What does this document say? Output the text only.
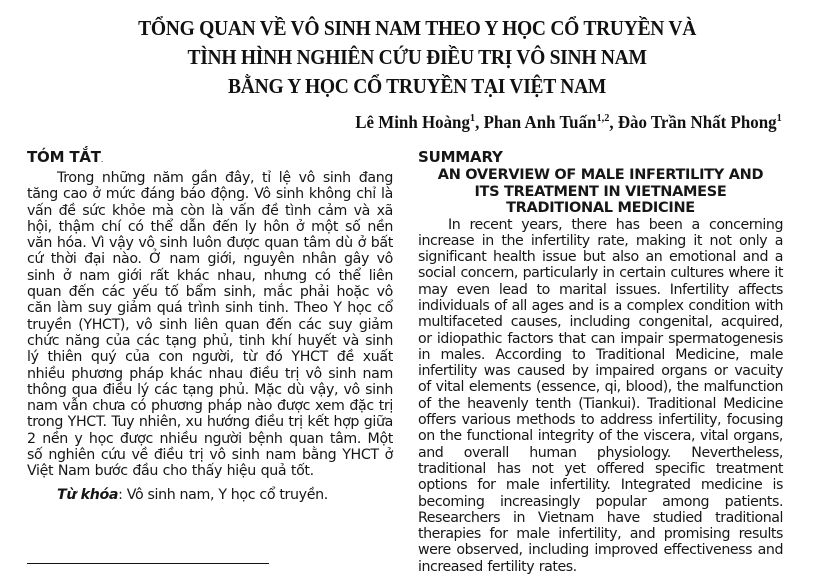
TỔNG QUAN VỀ VÔ SINH NAM THEO Y HỌC CỔ TRUYỀN VÀ
TÌNH HÌNH NGHIÊN CỨU ĐIỀU TRỊ VÔ SINH NAM
BẰNG Y HỌC CỔ TRUYỀN TẠI VIỆT NAM
Lê Minh Hoàng$^1$, Phan Anh Tuấn$^{1,2}$, Đào Trần Nhất Phong$^1$
TÓM TẮT.

Trong những năm gần đây, tỉ lệ vô sinh đang tăng cao ở mức đáng báo động. Vô sinh không chỉ là vấn đề sức khỏe mà còn là vấn đề tình cảm và xã hội, thậm chí có thể dẫn đến ly hôn ở một số nền văn hóa. Vì vậy vô sinh luôn được quan tâm dù ở bất cứ thời đại nào. Ở nam giới, nguyên nhân gây vô sinh ở nam giới rất khác nhau, nhưng có thể liên quan đến các yếu tố bẩm sinh, mắc phải hoặc vô căn làm suy giảm quá trình sinh tinh. Theo Y học cổ truyền (YHCT), vô sinh liên quan đến các suy giảm chức năng của các tạng phủ, tinh khí huyết và sinh lý thiên quý của con người, từ đó YHCT đề xuất nhiều phương pháp khác nhau điều trị vô sinh nam thông qua điều lý các tạng phủ. Mặc dù vậy, vô sinh nam vẫn chưa có phương pháp nào được xem đặc trị trong YHCT. Tuy nhiên, xu hướng điều trị kết hợp giữa 2 nền y học được nhiều người bệnh quan tâm. Một số nghiên cứu về điều trị vô sinh nam bằng YHCT ở Việt Nam bước đầu cho thấy hiệu quả tốt.

Từ khóa: Vô sinh nam, Y học cổ truyền.
SUMMARY
AN OVERVIEW OF MALE INFERTILITY AND
ITS TREATMENT IN VIETNAMESE
TRADITIONAL MEDICINE

In recent years, there has been a concerning increase in the infertility rate, making it not only a significant health issue but also an emotional and a social concern, particularly in certain cultures where it may even lead to marital issues. Infertility affects individuals of all ages and is a complex condition with multifaceted causes, including congenital, acquired, or idiopathic factors that can impair spermatogenesis in males. According to Traditional Medicine, male infertility was caused by impaired organs or vacuity of vital elements (essence, qi, blood), the malfunction of the heavenly tenth (Tiankui). Traditional Medicine offers various methods to address infertility, focusing on the functional integrity of the viscera, vital organs, and overall human physiology. Nevertheless, traditional has not yet offered specific treatment options for male infertility. Integrated medicine is becoming increasingly popular among patients. Researchers in Vietnam have studied traditional therapies for male infertility, and promising results were observed, including improved effectiveness and increased fertility rates.
